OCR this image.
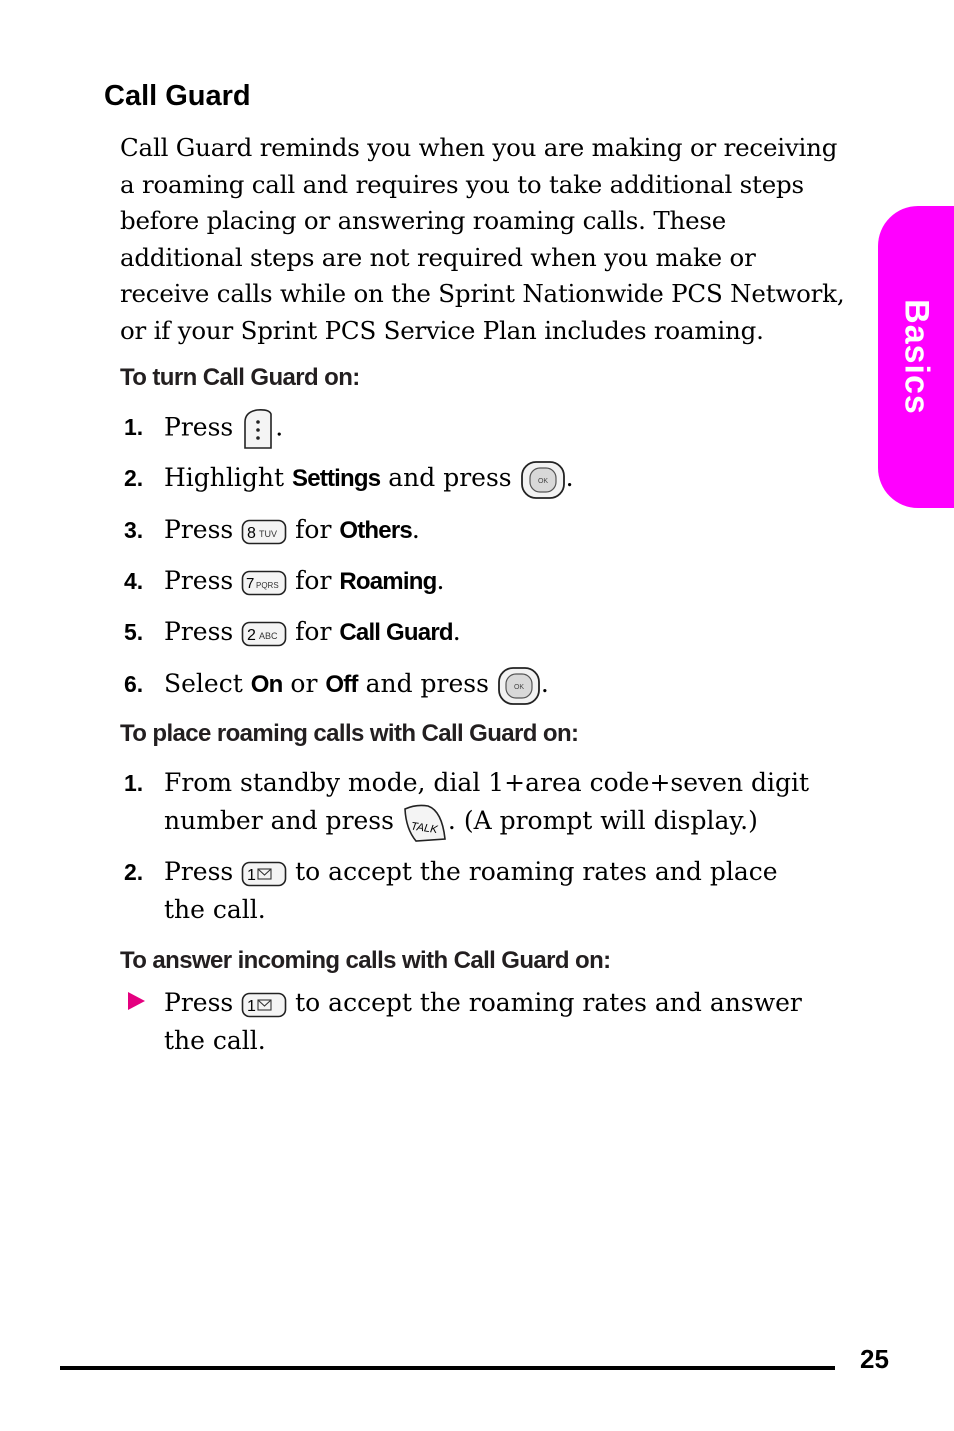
Call Guard

Call Guard reminds you when you are making or receiving a roaming call and requires you to take additional steps before placing or answering roaming calls. These additional steps are not required when you make or receive calls while on the Sprint Nationwide PCS Network, or if your Sprint PCS Service Plan includes roaming.

To turn Call Guard on:
1. Press .
2. Highlight Settings and press	OK .
3. Press 8 TUV for Others.
4. Press 7 PQRS for Roaming.
5. Press 2 ABC for Call Guard.
6. Select On or Off and press	OK .
To place roaming calls with Call Guard on:
1. From standby mode, dial 1+area code+seven digit
number and press TALK . (A prompt will display.)
2. Press 1 to accept the roaming rates and place
the call.
To answer incoming calls with Call Guard on:
Press 1 to accept the roaming rates and answer
the call.
Basics
25
